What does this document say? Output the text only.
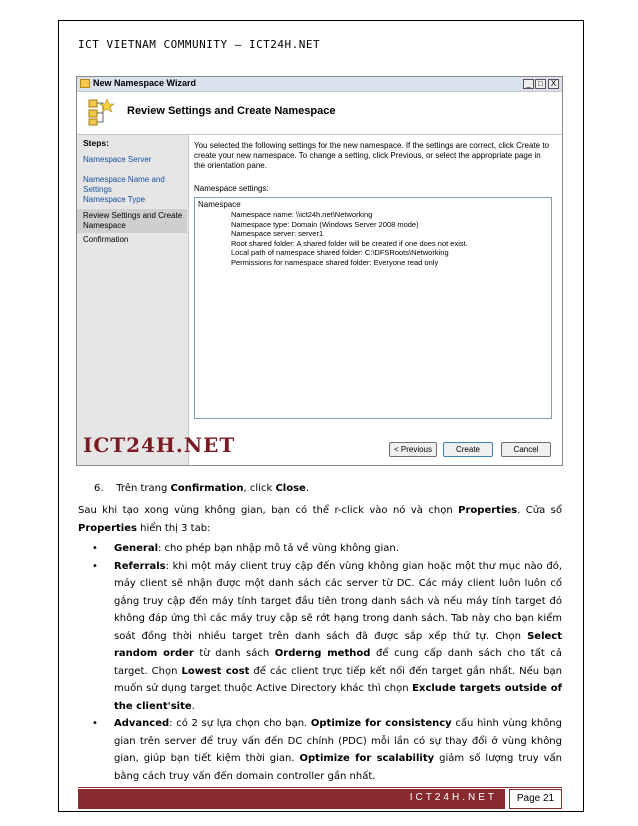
ICT VIETNAM COMMUNITY – ICT24H.NET
New Namespace Wizard	_ □ X
Review Settings and Create Namespace
Steps:
Namespace Server
Namespace Name and Settings
Namespace Type
Review Settings and Create Namespace
Confirmation
ICT24H.NET
You selected the following settings for the new namespace. If the settings are correct, click Create to create your new namespace. To change a setting, click Previous, or select the appropriate page in the orientation pane.
Namespace settings:
Namespace
Namespace name: \\ict24h.net\Networking
Namespace type: Domain (Windows Server 2008 mode)
Namespace server: server1
Root shared folder: A shared folder will be created if one does not exist.
Local path of namespace shared folder: C:\DFSRoots\Networking
Permissions for namespace shared folder: Everyone read only
< Previous	Create	Cancel
6. Trên trang Confirmation, click Close.
Sau khi tạo xong vùng không gian, bạn có thể r-click vào nó và chọn Properties. Cửa sổ Properties hiển thị 3 tab:
• General: cho phép bạn nhập mô tả về vùng không gian.
• Referrals: khi một máy client truy cập đến vùng không gian hoặc một thư mục nào đó, máy client sẽ nhận được một danh sách các server từ DC. Các máy client luôn luôn cố gắng truy cập đến máy tính target đầu tiên trong danh sách và nếu máy tính target đó không đáp ứng thì các máy truy cập sẽ rớt hạng trong danh sách. Tab này cho bạn kiểm soát đồng thời nhiều target trên danh sách đã được sắp xếp thứ tự. Chọn Select random order từ danh sách Orderng method để cung cấp danh sách cho tất cả target. Chọn Lowest cost để các client trực tiếp kết nối đến target gần nhất. Nếu bạn muốn sử dụng target thuộc Active Directory khác thì chọn Exclude targets outside of the client'site.
• Advanced: có 2 sự lựa chọn cho bạn. Optimize for consistency cấu hình vùng không gian trên server để truy vấn đến DC chính (PDC) mỗi lần có sự thay đổi ở vùng không gian, giúp bạn tiết kiệm thời gian. Optimize for scalability giảm số lượng truy vấn bằng cách truy vấn đến domain controller gần nhất.
ICT24H.NET	Page 21
